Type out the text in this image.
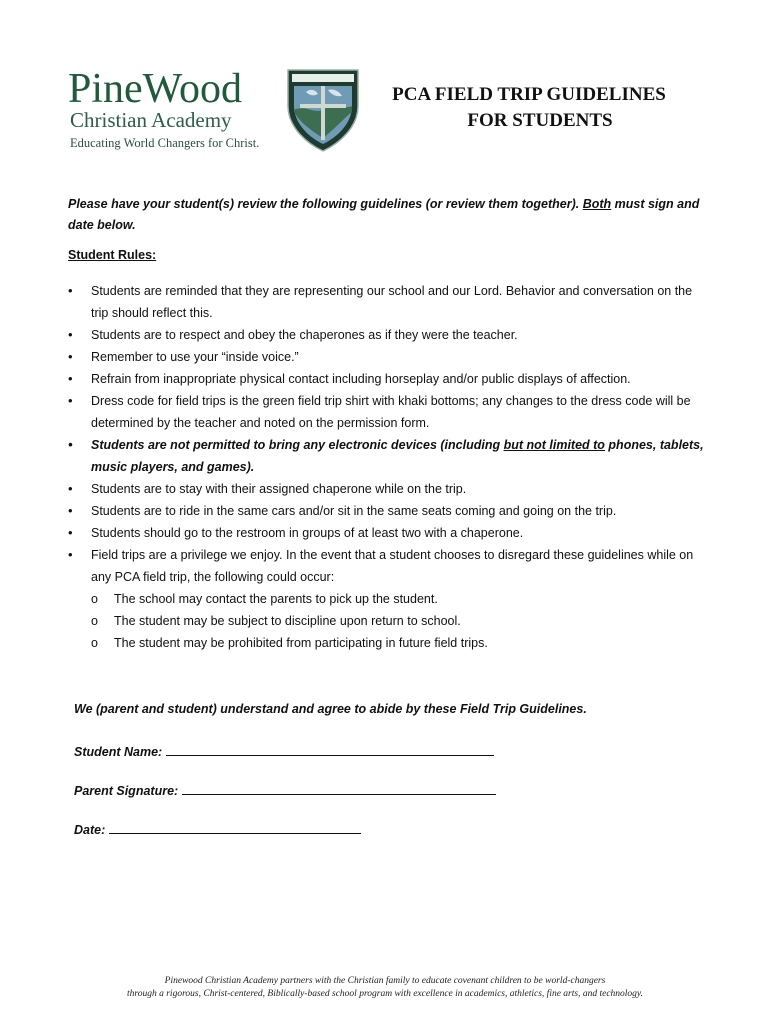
PineWood
Christian Academy
Educating World Changers for Christ.
PCA FIELD TRIP GUIDELINES
FOR STUDENTS
Please have your student(s) review the following guidelines (or review them together). Both must sign and date below.
Student Rules:
• Students are reminded that they are representing our school and our Lord. Behavior and conversation on the trip should reflect this.
• Students are to respect and obey the chaperones as if they were the teacher.
• Remember to use your “inside voice.”
• Refrain from inappropriate physical contact including horseplay and/or public displays of affection.
• Dress code for field trips is the green field trip shirt with khaki bottoms; any changes to the dress code will be determined by the teacher and noted on the permission form.
• Students are not permitted to bring any electronic devices (including but not limited to phones, tablets, music players, and games).
• Students are to stay with their assigned chaperone while on the trip.
• Students are to ride in the same cars and/or sit in the same seats coming and going on the trip.
• Students should go to the restroom in groups of at least two with a chaperone.
• Field trips are a privilege we enjoy. In the event that a student chooses to disregard these guidelines while on any PCA field trip, the following could occur:
o The school may contact the parents to pick up the student.
o The student may be subject to discipline upon return to school.
o The student may be prohibited from participating in future field trips.
We (parent and student) understand and agree to abide by these Field Trip Guidelines.
Student Name:
Parent Signature:
Date:
Pinewood Christian Academy partners with the Christian family to educate covenant children to be world-changers
through a rigorous, Christ-centered, Biblically-based school program with excellence in academics, athletics, fine arts, and technology.
